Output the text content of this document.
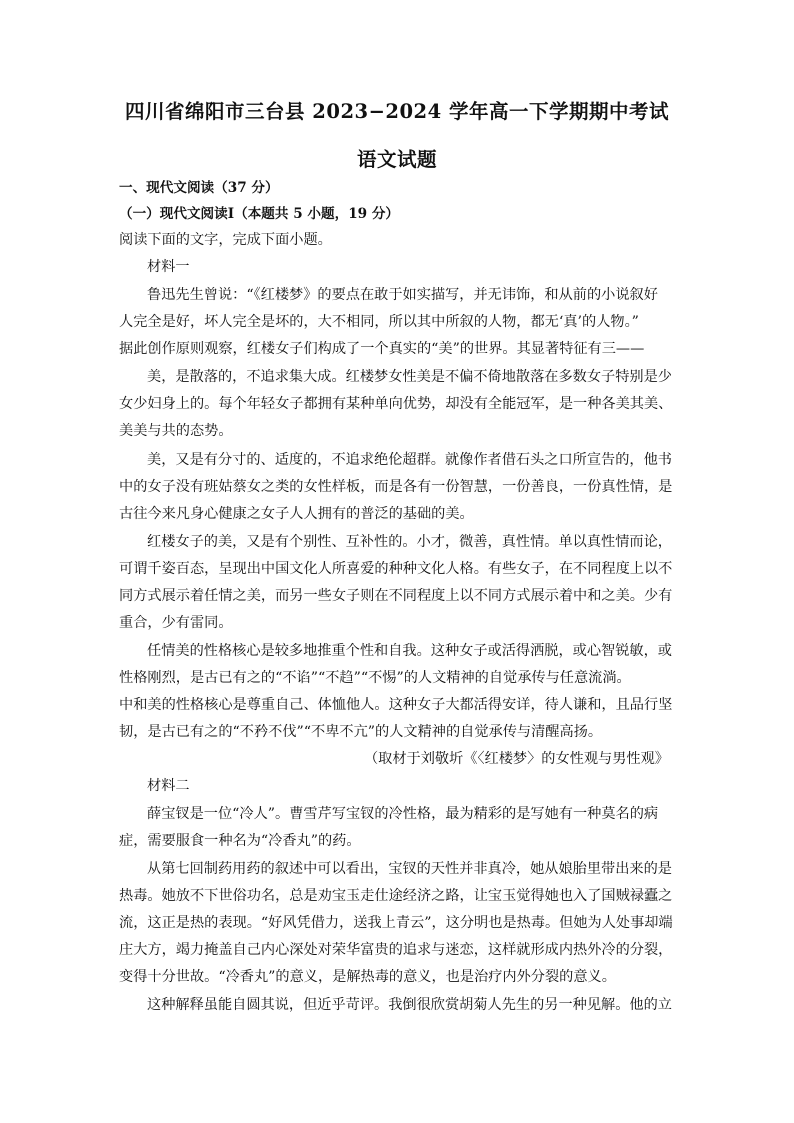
四川省绵阳市三台县 2023−2024 学年高一下学期期中考试
语文试题
一、现代文阅读（37 分）
（一）现代文阅读Ⅰ（本题共 5 小题，19 分）
阅读下面的文字，完成下面小题。
材料一
鲁迅先生曾说：“《红楼梦》的要点在敢于如实描写，并无讳饰，和从前的小说叙好
人完全是好，坏人完全是坏的，大不相同，所以其中所叙的人物，都无‘真’的人物。”
据此创作原则观察，红楼女子们构成了一个真实的“美”的世界。其显著特征有三——
美，是散落的，不追求集大成。红楼梦女性美是不偏不倚地散落在多数女子特别是少
女少妇身上的。每个年轻女子都拥有某种单向优势，却没有全能冠军，是一种各美其美、
美美与共的态势。
美，又是有分寸的、适度的，不追求绝伦超群。就像作者借石头之口所宣告的，他书
中的女子没有班姑蔡女之类的女性样板，而是各有一份智慧，一份善良，一份真性情，是
古往今来凡身心健康之女子人人拥有的普泛的基础的美。
红楼女子的美，又是有个别性、互补性的。小才，微善，真性情。单以真性情而论，
可谓千姿百态，呈现出中国文化人所喜爱的种种文化人格。有些女子，在不同程度上以不
同方式展示着任情之美，而另一些女子则在不同程度上以不同方式展示着中和之美。少有
重合，少有雷同。
任情美的性格核心是较多地推重个性和自我。这种女子或活得洒脱，或心智锐敏，或
性格刚烈，是古已有之的“不谄”“不趋”“不惕”的人文精神的自觉承传与任意流淌。
中和美的性格核心是尊重自己、体恤他人。这种女子大都活得安详，待人谦和，且品行坚
韧，是古已有之的“不矜不伐”“不卑不亢”的人文精神的自觉承传与清醒高扬。
（取材于刘敬圻《〈红楼梦〉的女性观与男性观》
材料二
薛宝钗是一位“冷人”。曹雪芹写宝钗的冷性格，最为精彩的是写她有一种莫名的病
症，需要服食一种名为“冷香丸”的药。
从第七回制药用药的叙述中可以看出，宝钗的天性并非真冷，她从娘胎里带出来的是
热毒。她放不下世俗功名，总是劝宝玉走仕途经济之路，让宝玉觉得她也入了国贼禄蠹之
流，这正是热的表现。“好风凭借力，送我上青云”，这分明也是热毒。但她为人处事却端
庄大方，竭力掩盖自己内心深处对荣华富贵的追求与迷恋，这样就形成内热外冷的分裂，
变得十分世故。“冷香丸”的意义，是解热毒的意义，也是治疗内外分裂的意义。
这种解释虽能自圆其说，但近乎苛评。我倒很欣赏胡菊人先生的另一种见解。他的立
